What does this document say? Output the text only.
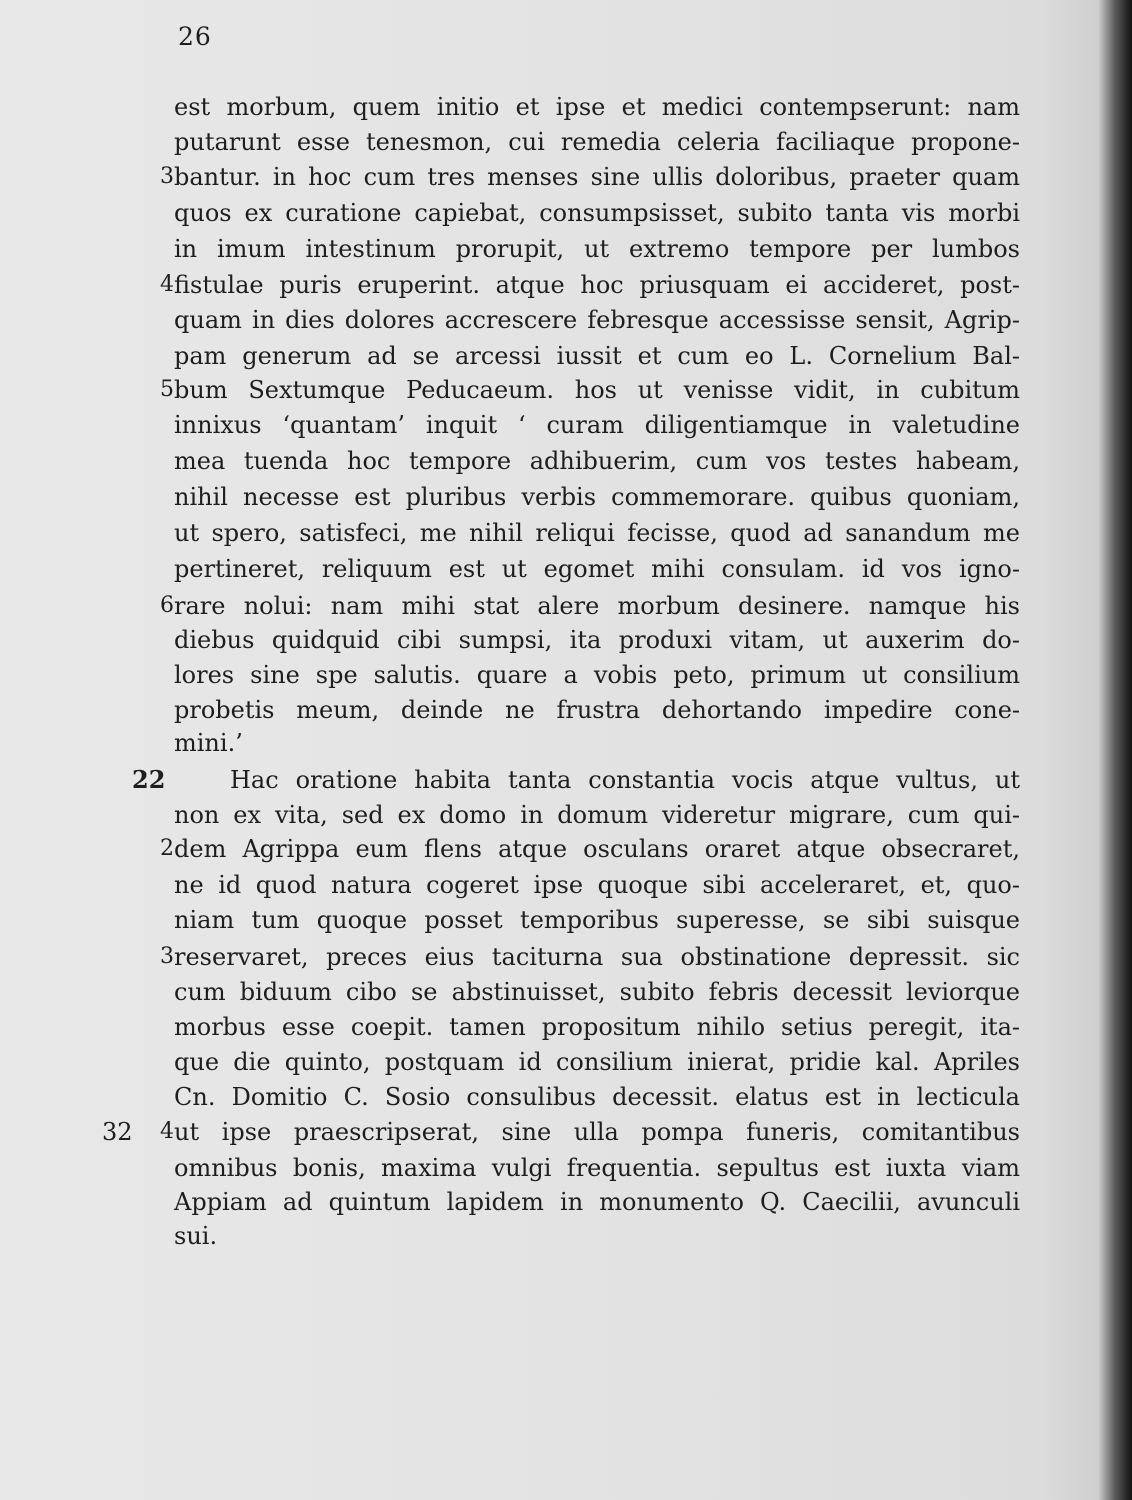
26
3
4
5
6
2
3
4
22
32
est morbum, quem initio et ipse et medici contempserunt: nam
putarunt esse tenesmon, cui remedia celeria faciliaque propone-
bantur. in hoc cum tres menses sine ullis doloribus, praeter quam
quos ex curatione capiebat, consumpsisset, subito tanta vis morbi
in imum intestinum prorupit, ut extremo tempore per lumbos
fistulae puris eruperint. atque hoc priusquam ei accideret, post-
quam in dies dolores accrescere febresque accessisse sensit, Agrip-
pam generum ad se arcessi iussit et cum eo L. Cornelium Bal-
bum Sextumque Peducaeum. hos ut venisse vidit, in cubitum
innixus ‘quantam’ inquit ‘ curam diligentiamque in valetudine
mea tuenda hoc tempore adhibuerim, cum vos testes habeam,
nihil necesse est pluribus verbis commemorare. quibus quoniam,
ut spero, satisfeci, me nihil reliqui fecisse, quod ad sanandum me
pertineret, reliquum est ut egomet mihi consulam. id vos igno-
rare nolui: nam mihi stat alere morbum desinere. namque his
diebus quidquid cibi sumpsi, ita produxi vitam, ut auxerim do-
lores sine spe salutis. quare a vobis peto, primum ut consilium
probetis meum, deinde ne frustra dehortando impedire cone-
mini.’
Hac oratione habita tanta constantia vocis atque vultus, ut
non ex vita, sed ex domo in domum videretur migrare, cum qui-
dem Agrippa eum flens atque osculans oraret atque obsecraret,
ne id quod natura cogeret ipse quoque sibi acceleraret, et, quo-
niam tum quoque posset temporibus superesse, se sibi suisque
reservaret, preces eius taciturna sua obstinatione depressit. sic
cum biduum cibo se abstinuisset, subito febris decessit leviorque
morbus esse coepit. tamen propositum nihilo setius peregit, ita-
que die quinto, postquam id consilium inierat, pridie kal. Apriles
Cn. Domitio C. Sosio consulibus decessit. elatus est in lecticula
ut ipse praescripserat, sine ulla pompa funeris, comitantibus
omnibus bonis, maxima vulgi frequentia. sepultus est iuxta viam
Appiam ad quintum lapidem in monumento Q. Caecilii, avunculi
sui.
